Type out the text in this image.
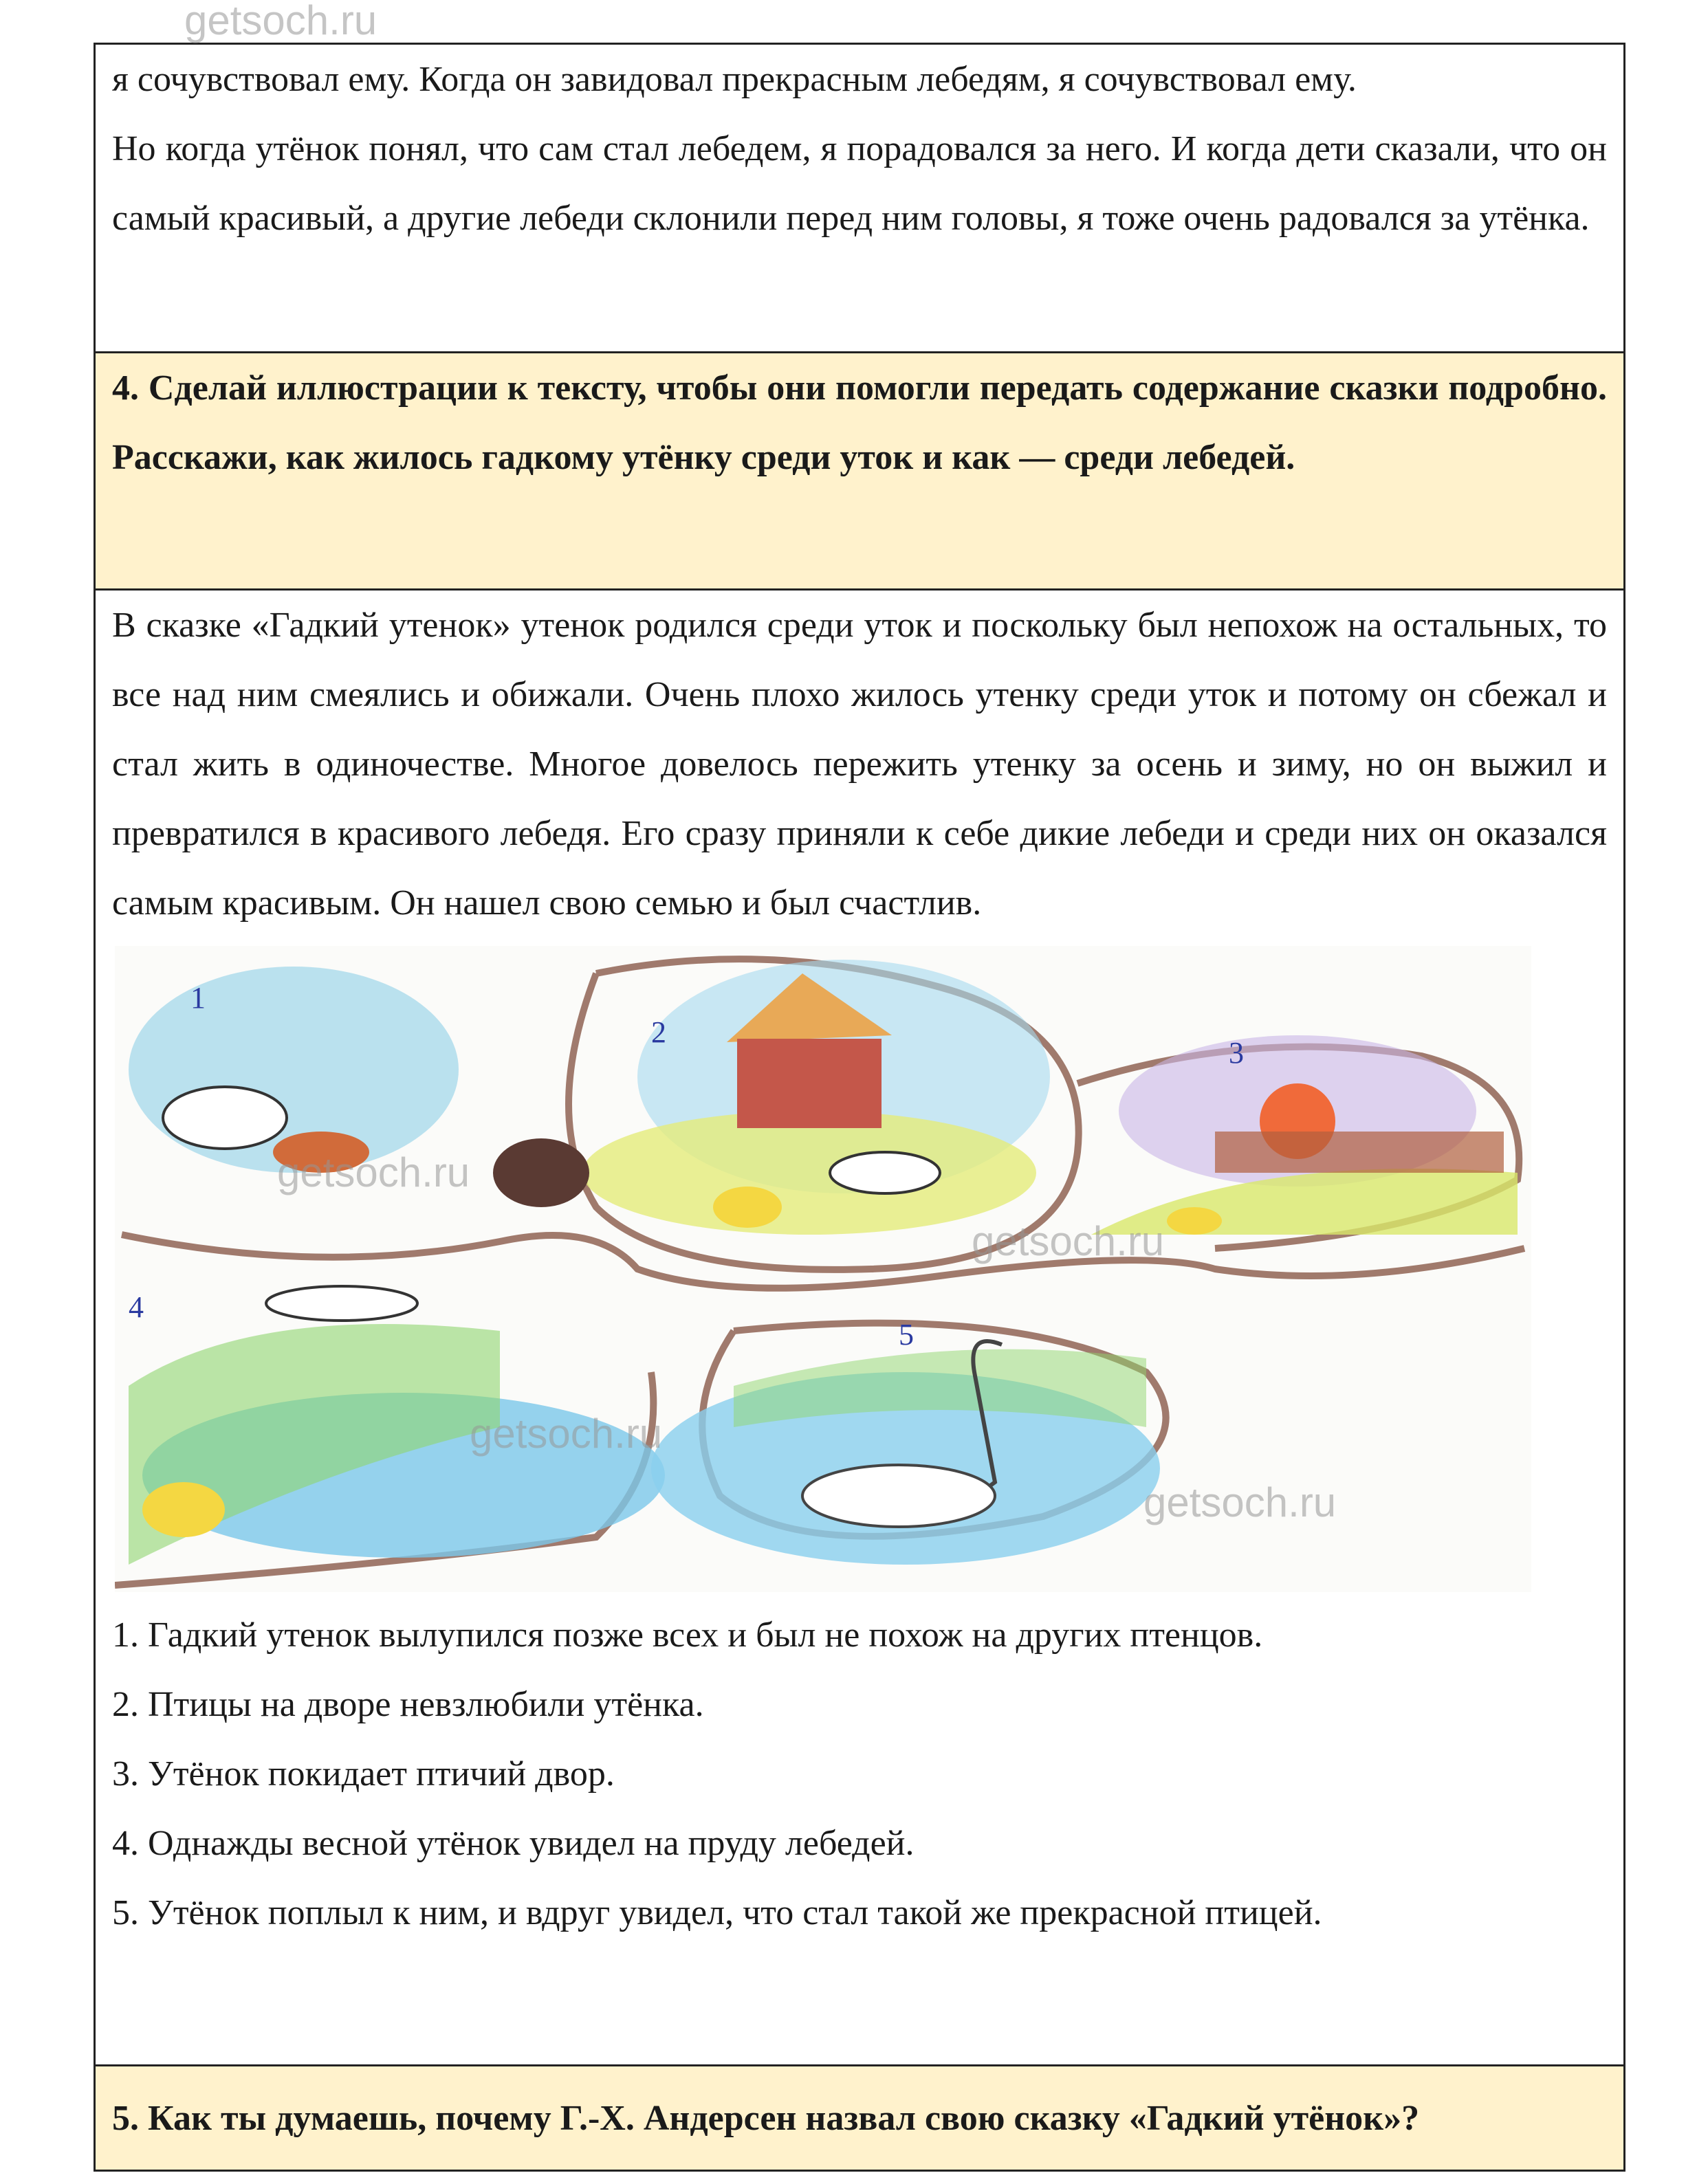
я сочувствовал ему. Когда он завидовал прекрасным лебедям, я сочувствовал ему.

Но когда утёнок понял, что сам стал лебедем, я порадовался за него. И когда дети сказали, что он самый красивый, а другие лебеди склонили перед ним головы, я тоже очень радовался за утёнка.

4. Сделай иллюстрации к тексту, чтобы они помогли передать содержание сказки подробно. Расскажи, как жилось гадкому утёнку среди уток и как — среди лебедей.

В сказке «Гадкий утенок» утенок родился среди уток и поскольку был непохож на остальных, то все над ним смеялись и обижали. Очень плохо жилось утенку среди уток и потому он сбежал и стал жить в одиночестве. Многое довелось пережить утенку за осень и зиму, но он выжил и превратился в красивого лебедя. Его сразу приняли к себе дикие лебеди и среди них он оказался самым красивым. Он нашел свою семью и был счастлив.

1
2
3
4
5
getsoch.ru
getsoch.ru
getsoch.ru
getsoch.ru

1. Гадкий утенок вылупился позже всех и был не похож на других птенцов.

2. Птицы на дворе невзлюбили утёнка.

3. Утёнок покидает птичий двор.

4. Однажды весной утёнок увидел на пруду лебедей.

5. Утёнок поплыл к ним, и вдруг увидел, что стал такой же прекрасной птицей.

5. Как ты думаешь, почему Г.-Х. Андерсен назвал свою сказку «Гадкий утёнок»?

getsoch.ru
